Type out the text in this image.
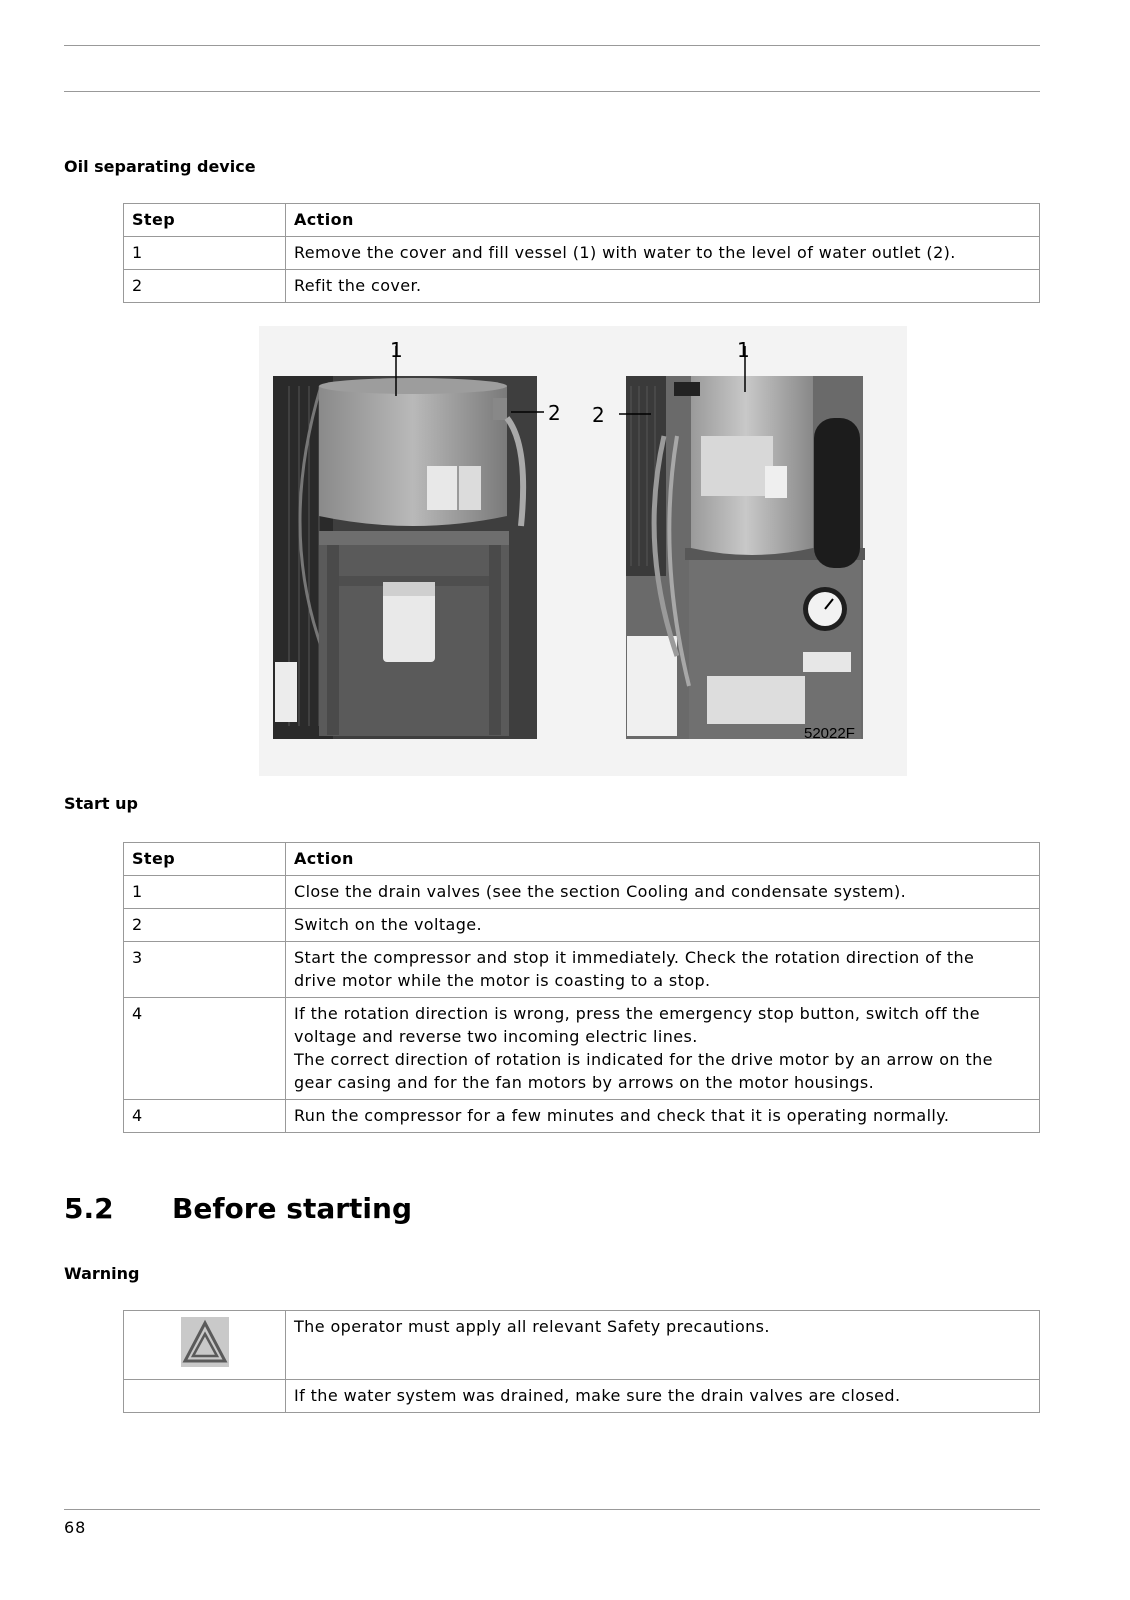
Oil separating device
Step	Action
1	Remove the cover and fill vessel (1) with water to the level of water outlet (2).
2	Refit the cover.
1
2
1
2
52022F
Start up
Step	Action
1	Close the drain valves (see the section Cooling and condensate system).

2	Switch on the voltage.

3	Start the compressor and stop it immediately. Check the rotation direction of the
drive motor while the motor is coasting to a stop.

4	If the rotation direction is wrong, press the emergency stop button, switch off the
voltage and reverse two incoming electric lines.
The correct direction of rotation is indicated for the drive motor by an arrow on the
gear casing and for the fan motors by arrows on the motor housings.

4	Run the compressor for a few minutes and check that it is operating normally.
5.2 Before starting
Warning
	The operator must apply all relevant Safety precautions.
	If the water system was drained, make sure the drain valves are closed.
68
